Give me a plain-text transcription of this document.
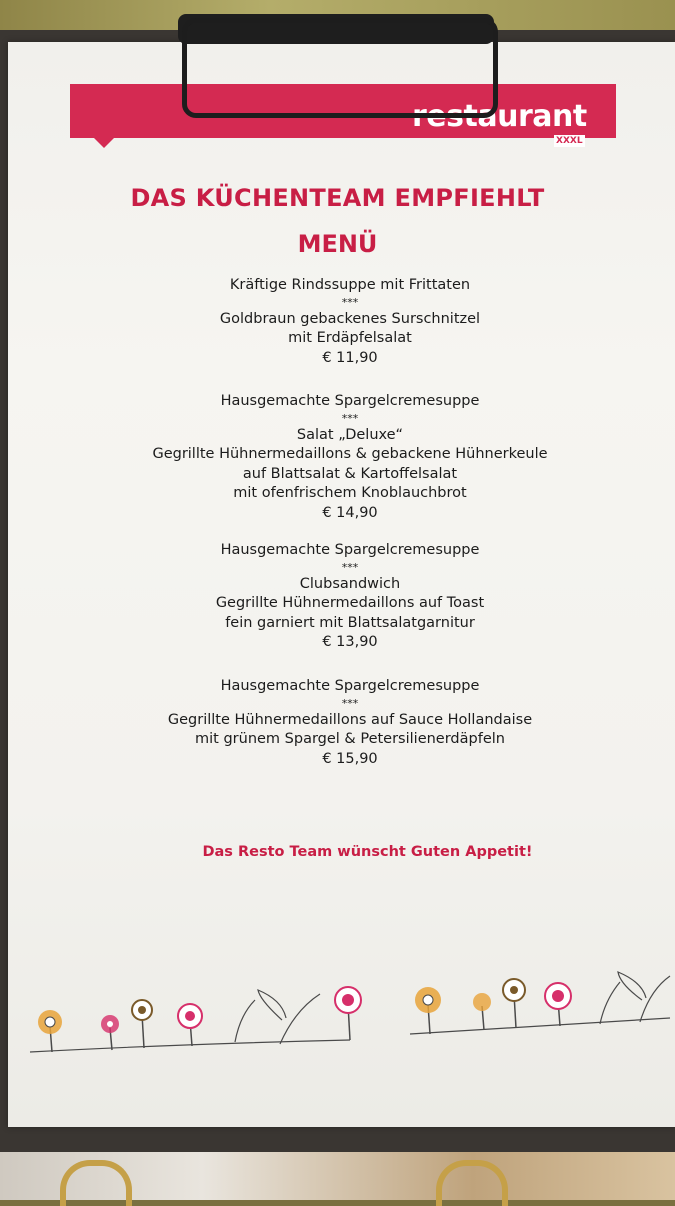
restaurant
XXXL
DAS KÜCHENTEAM EMPFIEHLT
MENÜ
Kräftige Rindssuppe mit Frittaten
***
Goldbraun gebackenes Surschnitzel
mit Erdäpfelsalat
€ 11,90
Hausgemachte Spargelcremesuppe
***
Salat „Deluxe“
Gegrillte Hühnermedaillons & gebackene Hühnerkeule
auf Blattsalat & Kartoffelsalat
mit ofenfrischem Knoblauchbrot
€ 14,90
Hausgemachte Spargelcremesuppe
***
Clubsandwich
Gegrillte Hühnermedaillons auf Toast
fein garniert mit Blattsalatgarnitur
€ 13,90
Hausgemachte Spargelcremesuppe
***
Gegrillte Hühnermedaillons auf Sauce Hollandaise
mit grünem Spargel & Petersilienerdäpfeln
€ 15,90
Das Resto Team wünscht Guten Appetit!
